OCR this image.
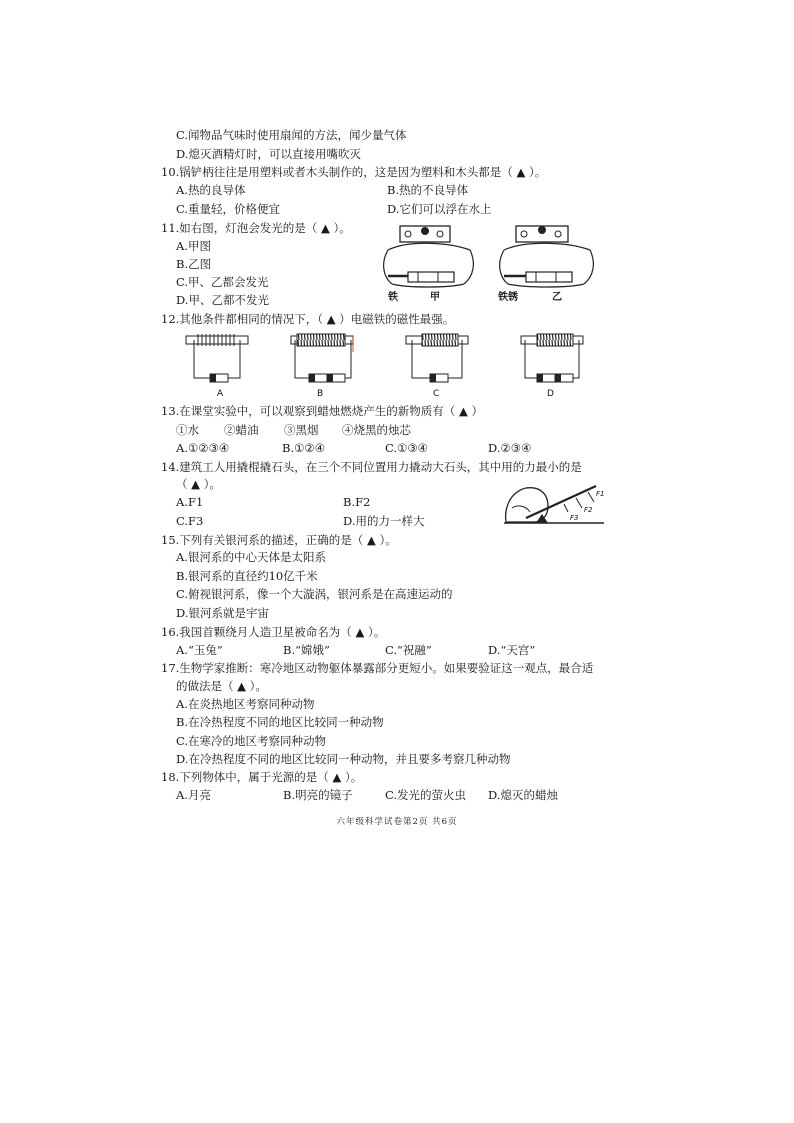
C.闻物品气味时使用扇闻的方法，闻少量气体
D.熄灭酒精灯时，可以直接用嘴吹灭
10.锅铲柄往往是用塑料或者木头制作的，这是因为塑料和木头都是（ ▲ ）。
A.热的良导体	B.热的不良导体
C.重量轻，价格便宜	D.它们可以浮在水上
11.如右图，灯泡会发光的是（ ▲ ）。
A.甲图
B.乙图
C.甲、乙都会发光
D.甲、乙都不发光	铁	甲	铁锈	乙
12.其他条件都相同的情况下，（ ▲ ）电磁铁的磁性最强。
A	B	C	D
13.在课堂实验中，可以观察到蜡烛燃烧产生的新物质有（ ▲ ）
①水 ②蜡油 ③黑烟 ④烧黑的烛芯
A.①②③④	B.①②④	C.①③④	D.②③④
14.建筑工人用撬棍撬石头，在三个不同位置用力撬动大石头，其中用的力最小的是
（ ▲ ）。
A.F1	B.F2
C.F3	D.用的力一样大
F1
F2
F3
15.下列有关银河系的描述，正确的是（ ▲ ）。
A.银河系的中心天体是太阳系
B.银河系的直径约10亿千米
C.俯视银河系，像一个大漩涡，银河系是在高速运动的
D.银河系就是宇宙
16.我国首颗绕月人造卫星被命名为（ ▲ ）。
A.“玉兔”	B.“嫦娥”	C.“祝融”	D.“天宫”
17.生物学家推断：寒冷地区动物躯体暴露部分更短小。如果要验证这一观点，最合适
的做法是（ ▲ ）。
A.在炎热地区考察同种动物
B.在冷热程度不同的地区比较同一种动物
C.在寒冷的地区考察同种动物
D.在冷热程度不同的地区比较同一种动物，并且要多考察几种动物
18.下列物体中，属于光源的是（ ▲ ）。
A.月亮	B.明亮的镜子	C.发光的萤火虫 D.熄灭的蜡烛
六年级科学试卷第2页 共6页
